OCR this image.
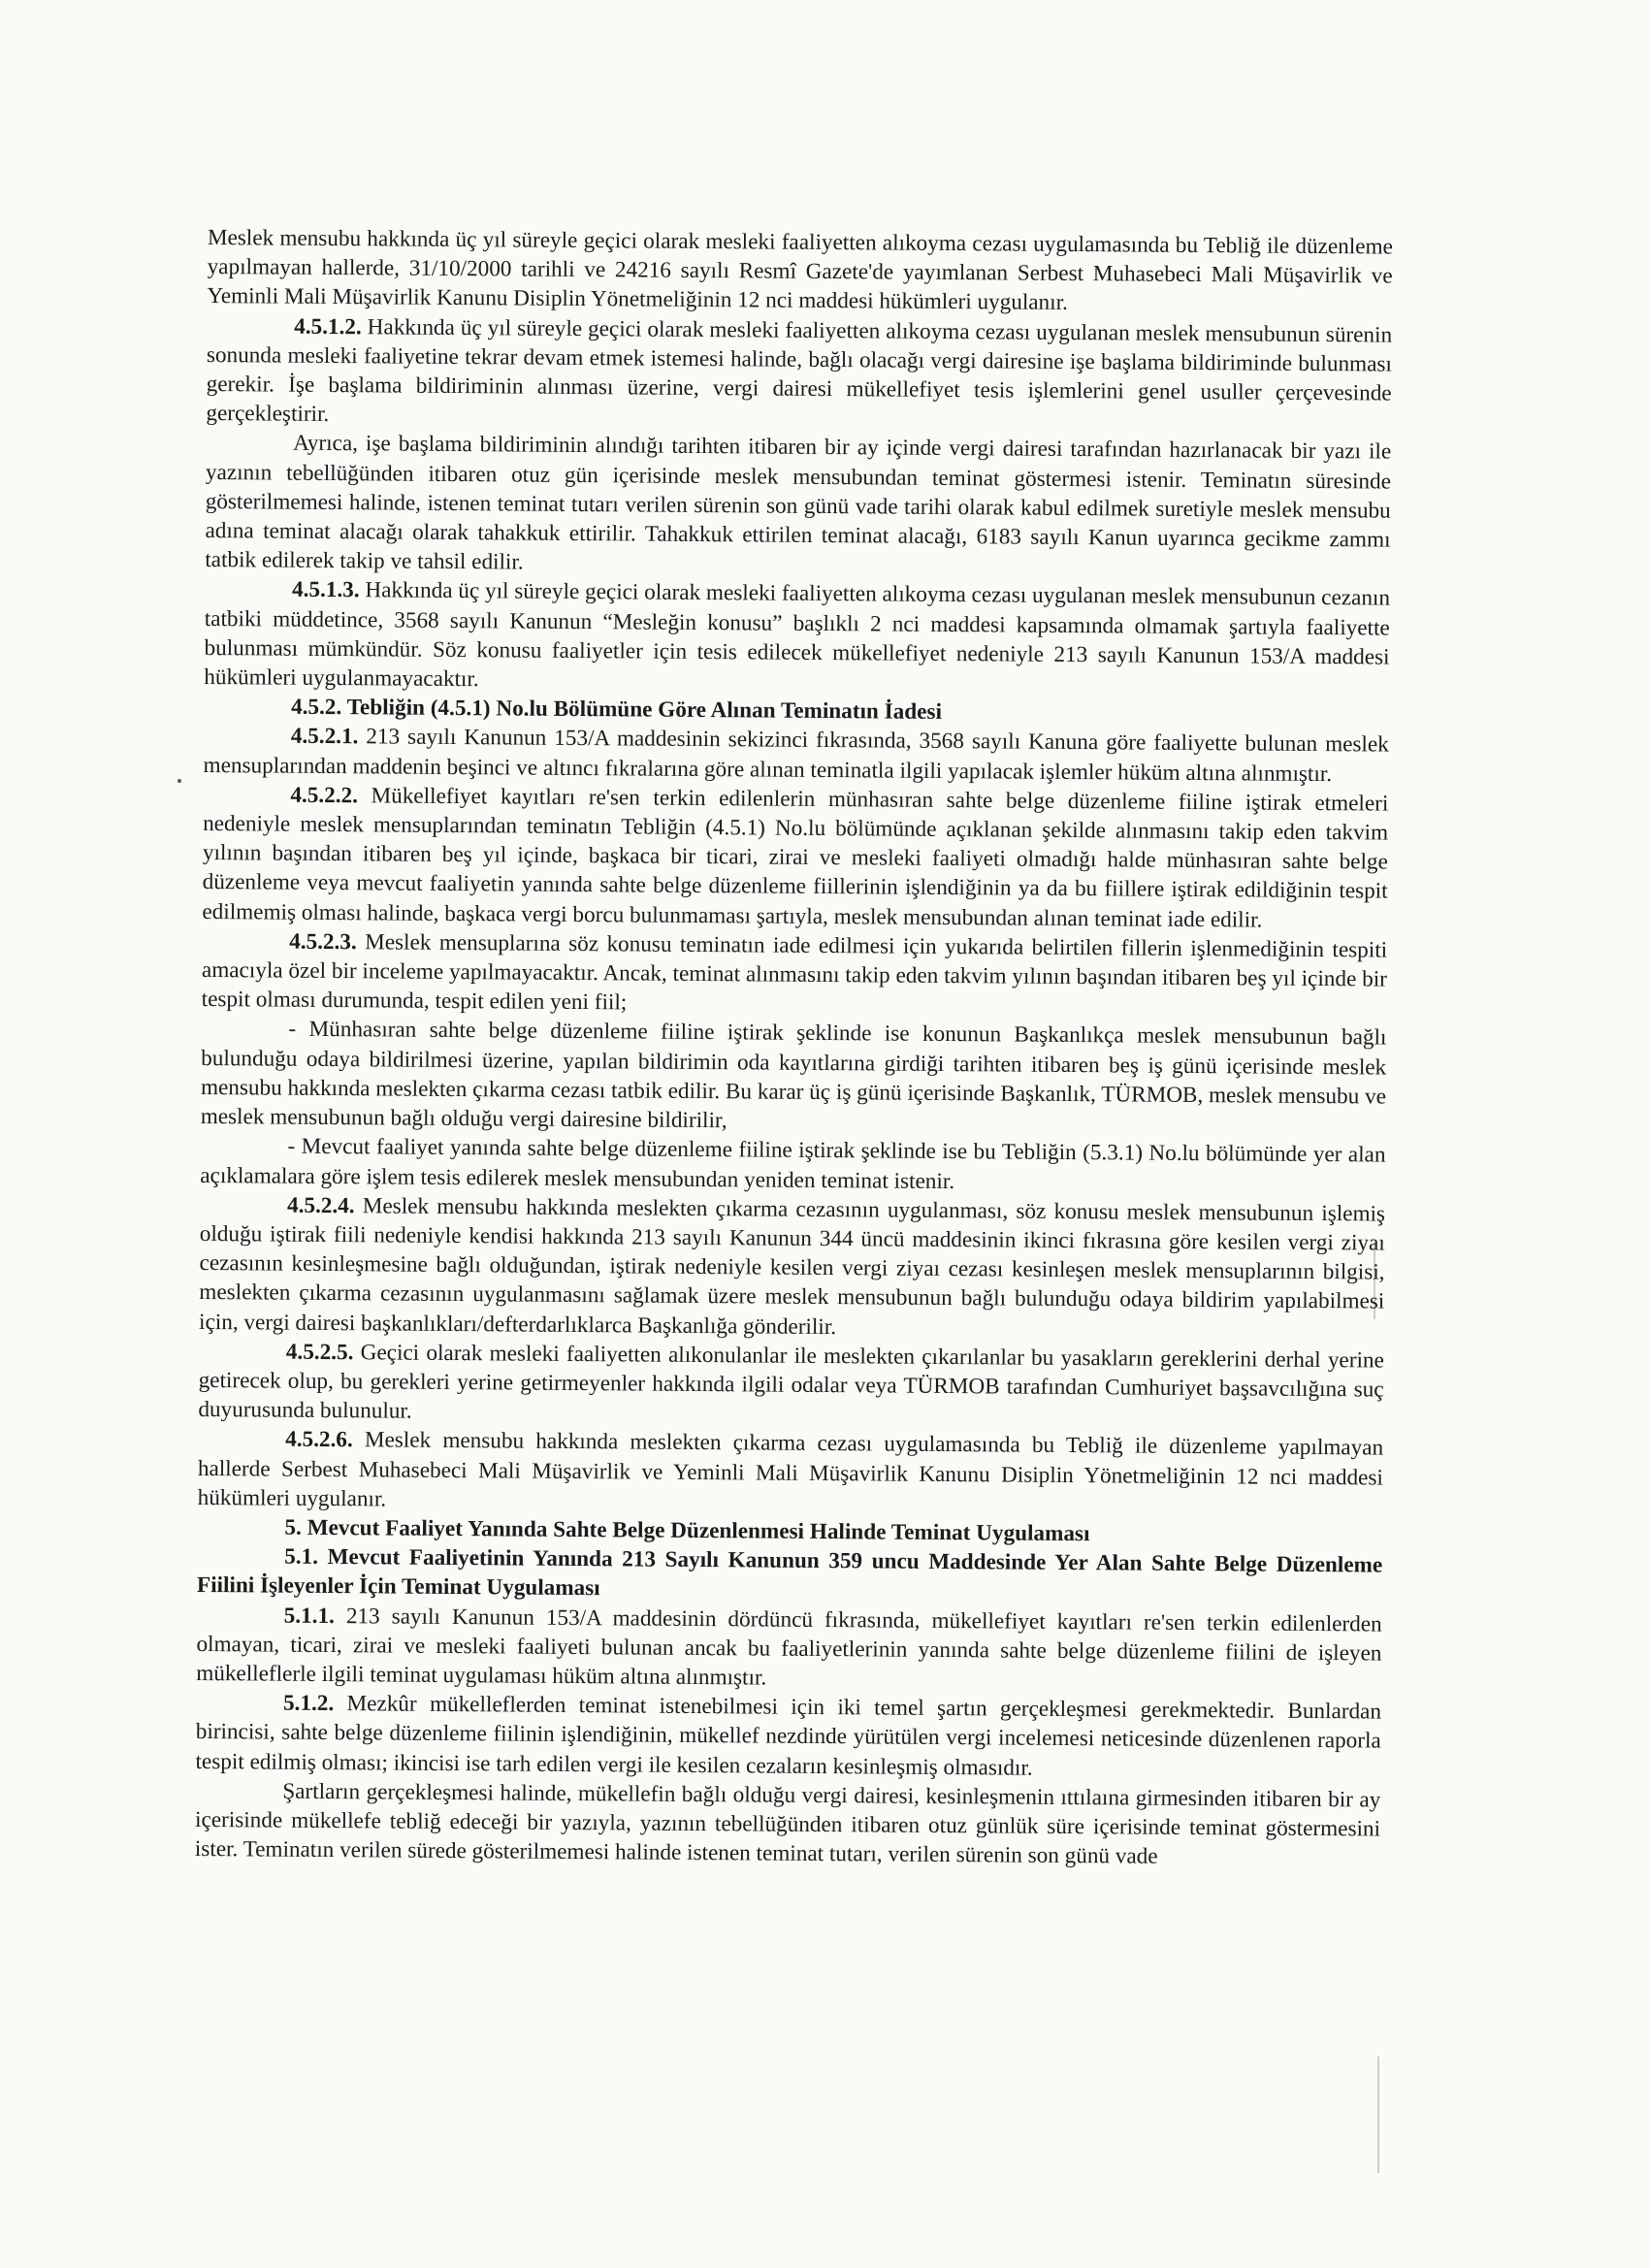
Meslek mensubu hakkında üç yıl süreyle geçici olarak mesleki faaliyetten alıkoyma cezası uygulamasında bu Tebliğ ile düzenleme yapılmayan hallerde, 31/10/2000 tarihli ve 24216 sayılı Resmî Gazete'de yayımlanan Serbest Muhasebeci Mali Müşavirlik ve Yeminli Mali Müşavirlik Kanunu Disiplin Yönetmeliğinin 12 nci maddesi hükümleri uygulanır.

4.5.1.2. Hakkında üç yıl süreyle geçici olarak mesleki faaliyetten alıkoyma cezası uygulanan meslek mensubunun sürenin sonunda mesleki faaliyetine tekrar devam etmek istemesi halinde, bağlı olacağı vergi dairesine işe başlama bildiriminde bulunması gerekir. İşe başlama bildiriminin alınması üzerine, vergi dairesi mükellefiyet tesis işlemlerini genel usuller çerçevesinde gerçekleştirir.

Ayrıca, işe başlama bildiriminin alındığı tarihten itibaren bir ay içinde vergi dairesi tarafından hazırlanacak bir yazı ile yazının tebellüğünden itibaren otuz gün içerisinde meslek mensubundan teminat göstermesi istenir. Teminatın süresinde gösterilmemesi halinde, istenen teminat tutarı verilen sürenin son günü vade tarihi olarak kabul edilmek suretiyle meslek mensubu adına teminat alacağı olarak tahakkuk ettirilir. Tahakkuk ettirilen teminat alacağı, 6183 sayılı Kanun uyarınca gecikme zammı tatbik edilerek takip ve tahsil edilir.

4.5.1.3. Hakkında üç yıl süreyle geçici olarak mesleki faaliyetten alıkoyma cezası uygulanan meslek mensubunun cezanın tatbiki müddetince, 3568 sayılı Kanunun “Mesleğin konusu” başlıklı 2 nci maddesi kapsamında olmamak şartıyla faaliyette bulunması mümkündür. Söz konusu faaliyetler için tesis edilecek mükellefiyet nedeniyle 213 sayılı Kanunun 153/A maddesi hükümleri uygulanmayacaktır.

4.5.2. Tebliğin (4.5.1) No.lu Bölümüne Göre Alınan Teminatın İadesi

4.5.2.1. 213 sayılı Kanunun 153/A maddesinin sekizinci fıkrasında, 3568 sayılı Kanuna göre faaliyette bulunan meslek mensuplarından maddenin beşinci ve altıncı fıkralarına göre alınan teminatla ilgili yapılacak işlemler hüküm altına alınmıştır.

4.5.2.2. Mükellefiyet kayıtları re'sen terkin edilenlerin münhasıran sahte belge düzenleme fiiline iştirak etmeleri nedeniyle meslek mensuplarından teminatın Tebliğin (4.5.1) No.lu bölümünde açıklanan şekilde alınmasını takip eden takvim yılının başından itibaren beş yıl içinde, başkaca bir ticari, zirai ve mesleki faaliyeti olmadığı halde münhasıran sahte belge düzenleme veya mevcut faaliyetin yanında sahte belge düzenleme fiillerinin işlendiğinin ya da bu fiillere iştirak edildiğinin tespit edilmemiş olması halinde, başkaca vergi borcu bulunmaması şartıyla, meslek mensubundan alınan teminat iade edilir.

4.5.2.3. Meslek mensuplarına söz konusu teminatın iade edilmesi için yukarıda belirtilen fillerin işlenmediğinin tespiti amacıyla özel bir inceleme yapılmayacaktır. Ancak, teminat alınmasını takip eden takvim yılının başından itibaren beş yıl içinde bir tespit olması durumunda, tespit edilen yeni fiil;

- Münhasıran sahte belge düzenleme fiiline iştirak şeklinde ise konunun Başkanlıkça meslek mensubunun bağlı bulunduğu odaya bildirilmesi üzerine, yapılan bildirimin oda kayıtlarına girdiği tarihten itibaren beş iş günü içerisinde meslek mensubu hakkında meslekten çıkarma cezası tatbik edilir. Bu karar üç iş günü içerisinde Başkanlık, TÜRMOB, meslek mensubu ve meslek mensubunun bağlı olduğu vergi dairesine bildirilir,

- Mevcut faaliyet yanında sahte belge düzenleme fiiline iştirak şeklinde ise bu Tebliğin (5.3.1) No.lu bölümünde yer alan açıklamalara göre işlem tesis edilerek meslek mensubundan yeniden teminat istenir.

4.5.2.4. Meslek mensubu hakkında meslekten çıkarma cezasının uygulanması, söz konusu meslek mensubunun işlemiş olduğu iştirak fiili nedeniyle kendisi hakkında 213 sayılı Kanunun 344 üncü maddesinin ikinci fıkrasına göre kesilen vergi ziyaı cezasının kesinleşmesine bağlı olduğundan, iştirak nedeniyle kesilen vergi ziyaı cezası kesinleşen meslek mensuplarının bilgisi, meslekten çıkarma cezasının uygulanmasını sağlamak üzere meslek mensubunun bağlı bulunduğu odaya bildirim yapılabilmesi için, vergi dairesi başkanlıkları/defterdarlıklarca Başkanlığa gönderilir.

4.5.2.5. Geçici olarak mesleki faaliyetten alıkonulanlar ile meslekten çıkarılanlar bu yasakların gereklerini derhal yerine getirecek olup, bu gerekleri yerine getirmeyenler hakkında ilgili odalar veya TÜRMOB tarafından Cumhuriyet başsavcılığına suç duyurusunda bulunulur.

4.5.2.6. Meslek mensubu hakkında meslekten çıkarma cezası uygulamasında bu Tebliğ ile düzenleme yapılmayan hallerde Serbest Muhasebeci Mali Müşavirlik ve Yeminli Mali Müşavirlik Kanunu Disiplin Yönetmeliğinin 12 nci maddesi hükümleri uygulanır.

5. Mevcut Faaliyet Yanında Sahte Belge Düzenlenmesi Halinde Teminat Uygulaması

5.1. Mevcut Faaliyetinin Yanında 213 Sayılı Kanunun 359 uncu Maddesinde Yer Alan Sahte Belge Düzenleme Fiilini İşleyenler İçin Teminat Uygulaması

5.1.1. 213 sayılı Kanunun 153/A maddesinin dördüncü fıkrasında, mükellefiyet kayıtları re'sen terkin edilenlerden olmayan, ticari, zirai ve mesleki faaliyeti bulunan ancak bu faaliyetlerinin yanında sahte belge düzenleme fiilini de işleyen mükelleflerle ilgili teminat uygulaması hüküm altına alınmıştır.

5.1.2. Mezkûr mükelleflerden teminat istenebilmesi için iki temel şartın gerçekleşmesi gerekmektedir. Bunlardan birincisi, sahte belge düzenleme fiilinin işlendiğinin, mükellef nezdinde yürütülen vergi incelemesi neticesinde düzenlenen raporla tespit edilmiş olması; ikincisi ise tarh edilen vergi ile kesilen cezaların kesinleşmiş olmasıdır.

Şartların gerçekleşmesi halinde, mükellefin bağlı olduğu vergi dairesi, kesinleşmenin ıttılaına girmesinden itibaren bir ay içerisinde mükellefe tebliğ edeceği bir yazıyla, yazının tebellüğünden itibaren otuz günlük süre içerisinde teminat göstermesini ister. Teminatın verilen sürede gösterilmemesi halinde istenen teminat tutarı, verilen sürenin son günü vade
